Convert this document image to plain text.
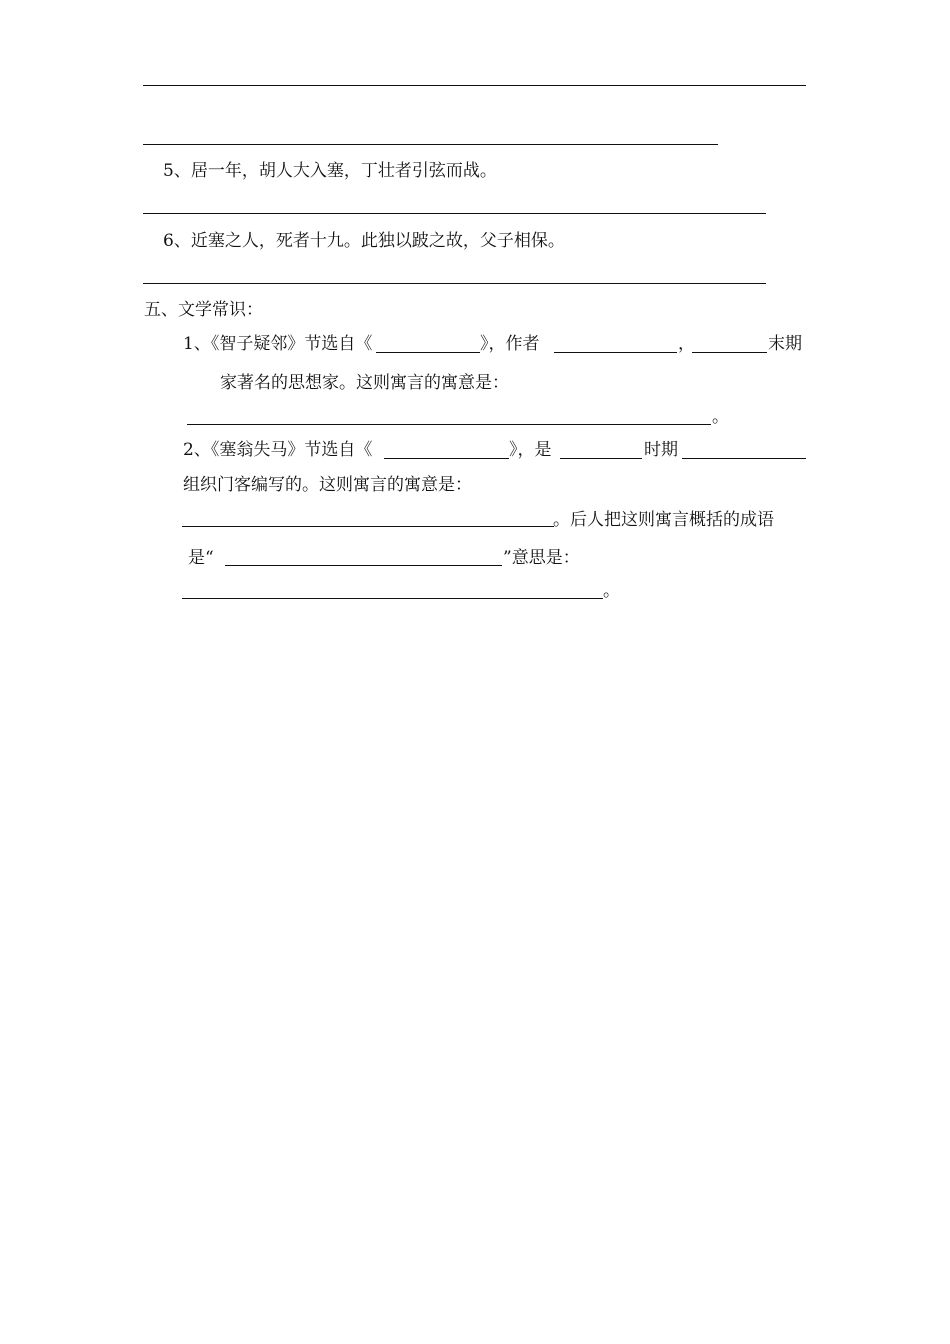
5、居一年，胡人大入塞，丁壮者引弦而战。
6、近塞之人，死者十九。此独以跛之故，父子相保。
五、文学常识：
1、《智子疑邻》节选自《	》，作者	，	末期
家著名的思想家。这则寓言的寓意是：
。
2、《塞翁失马》节选自《	》，是	时期
组织门客编写的。这则寓言的寓意是：
。后人把这则寓言概括的成语
是“	”意思是：
。
